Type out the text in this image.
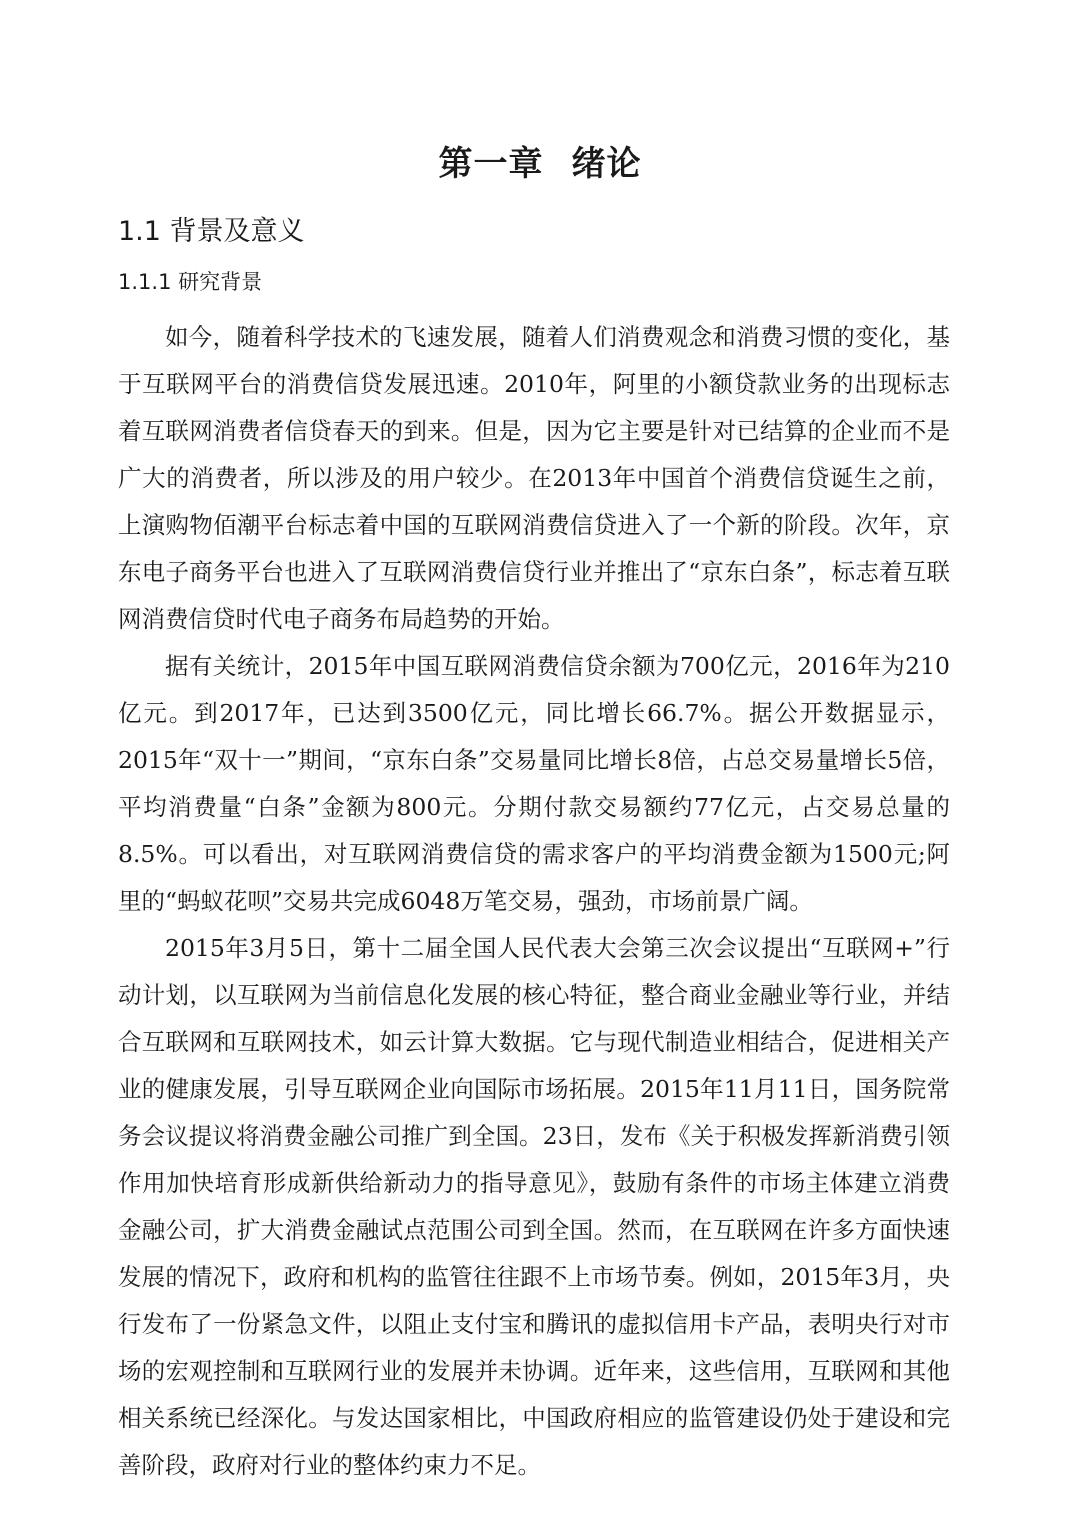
第一章 绪论
1.1 背景及意义
1.1.1 研究背景

如今，随着科学技术的飞速发展，随着人们消费观念和消费习惯的变化，基于互联网平台的消费信贷发展迅速。2010年，阿里的小额贷款业务的出现标志着互联网消费者信贷春天的到来。但是，因为它主要是针对已结算的企业而不是广大的消费者，所以涉及的用户较少。在2013年中国首个消费信贷诞生之前，上演购物佰潮平台标志着中国的互联网消费信贷进入了一个新的阶段。次年，京东电子商务平台也进入了互联网消费信贷行业并推出了“京东白条”，标志着互联网消费信贷时代电子商务布局趋势的开始。

据有关统计，2015年中国互联网消费信贷余额为700亿元，2016年为210亿元。到2017年，已达到3500亿元，同比增长66.7%。据公开数据显示，2015年“双十一”期间，“京东白条”交易量同比增长8倍，占总交易量增长5倍，平均消费量“白条”金额为800元。分期付款交易额约77亿元，占交易总量的8.5%。可以看出，对互联网消费信贷的需求客户的平均消费金额为1500元;阿里的“蚂蚁花呗”交易共完成6048万笔交易，强劲，市场前景广阔。

2015年3月5日，第十二届全国人民代表大会第三次会议提出“互联网+”行动计划，以互联网为当前信息化发展的核心特征，整合商业金融业等行业，并结合互联网和互联网技术，如云计算大数据。它与现代制造业相结合，促进相关产业的健康发展，引导互联网企业向国际市场拓展。2015年11月11日，国务院常务会议提议将消费金融公司推广到全国。23日，发布《关于积极发挥新消费引领作用加快培育形成新供给新动力的指导意见》，鼓励有条件的市场主体建立消费金融公司，扩大消费金融试点范围公司到全国。然而，在互联网在许多方面快速发展的情况下，政府和机构的监管往往跟不上市场节奏。例如，2015年3月，央行发布了一份紧急文件，以阻止支付宝和腾讯的虚拟信用卡产品，表明央行对市场的宏观控制和互联网行业的发展并未协调。近年来，这些信用，互联网和其他相关系统已经深化。与发达国家相比，中国政府相应的监管建设仍处于建设和完善阶段，政府对行业的整体约束力不足。
